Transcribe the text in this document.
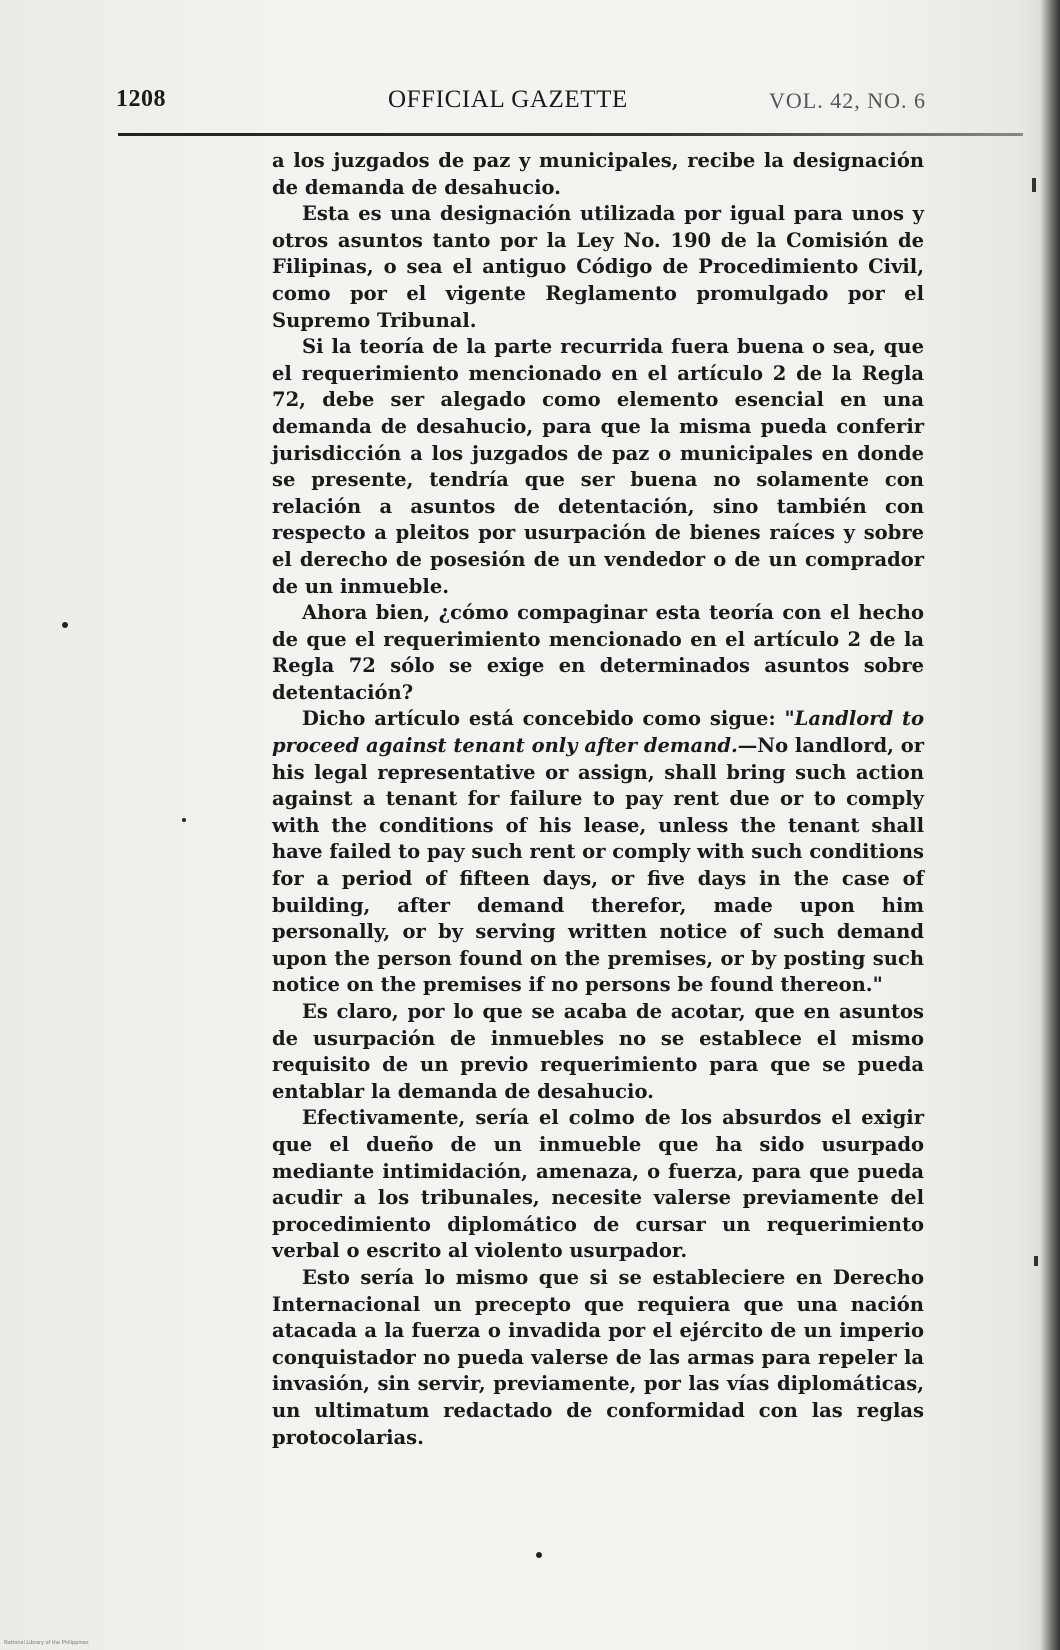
1208	OFFICIAL GAZETTE	VOL. 42, NO. 6

a los juzgados de paz y municipales, recibe la designación de demanda de desahucio.

Esta es una designación utilizada por igual para unos y otros asuntos tanto por la Ley No. 190 de la Comisión de Filipinas, o sea el antiguo Código de Procedimiento Civil, como por el vigente Reglamento promulgado por el Supremo Tribunal.

Si la teoría de la parte recurrida fuera buena o sea, que el requerimiento mencionado en el artículo 2 de la Regla 72, debe ser alegado como elemento esencial en una demanda de desahucio, para que la misma pueda conferir jurisdicción a los juzgados de paz o municipales en donde se presente, tendría que ser buena no solamente con relación a asuntos de detentación, sino también con respecto a pleitos por usurpación de bienes raíces y sobre el derecho de posesión de un vendedor o de un comprador de un inmueble.

Ahora bien, ¿cómo compaginar esta teoría con el hecho de que el requerimiento mencionado en el artículo 2 de la Regla 72 sólo se exige en determinados asuntos sobre detentación?

Dicho artículo está concebido como sigue: "Landlord to proceed against tenant only after demand.—No landlord, or his legal representative or assign, shall bring such action against a tenant for failure to pay rent due or to comply with the conditions of his lease, unless the tenant shall have failed to pay such rent or comply with such conditions for a period of fifteen days, or five days in the case of building, after demand therefor, made upon him personally, or by serving written notice of such demand upon the person found on the premises, or by posting such notice on the premises if no persons be found thereon."

Es claro, por lo que se acaba de acotar, que en asuntos de usurpación de inmuebles no se establece el mismo requisito de un previo requerimiento para que se pueda entablar la demanda de desahucio.

Efectivamente, sería el colmo de los absurdos el exigir que el dueño de un inmueble que ha sido usurpado mediante intimidación, amenaza, o fuerza, para que pueda acudir a los tribunales, necesite valerse previamente del procedimiento diplomático de cursar un requerimiento verbal o escrito al violento usurpador.

Esto sería lo mismo que si se estableciere en Derecho Internacional un precepto que requiera que una nación atacada a la fuerza o invadida por el ejército de un imperio conquistador no pueda valerse de las armas para repeler la invasión, sin servir, previamente, por las vías diplomáticas, un ultimatum redactado de conformidad con las reglas protocolarias.

National Library of the Philippines
